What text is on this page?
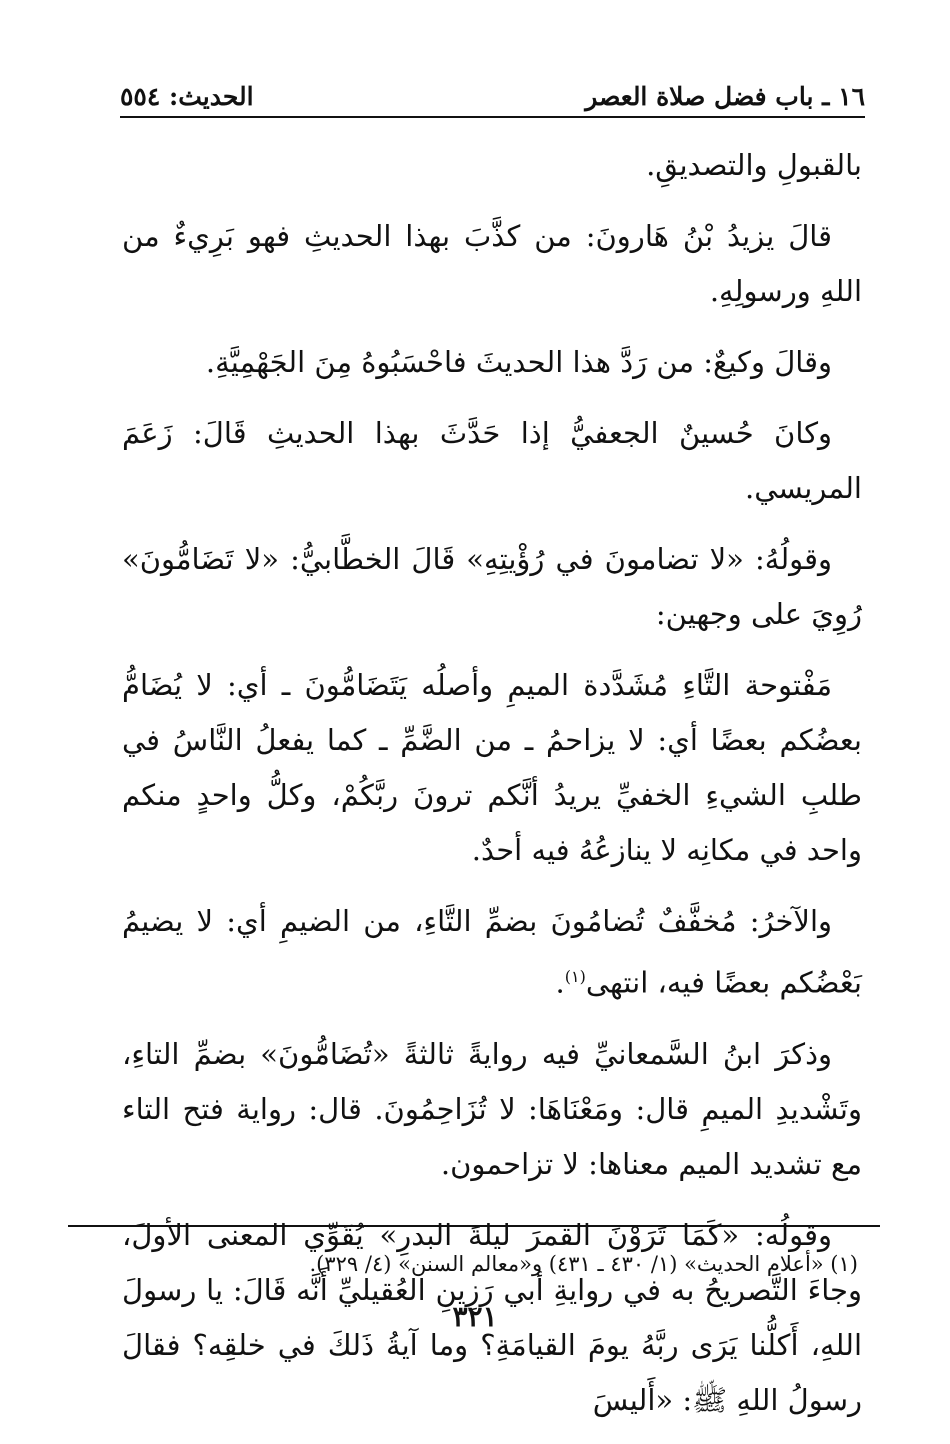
١٦ ـ باب فضل صلاة العصر
الحديث: ٥٥٤

بالقبولِ والتصديقِ.

قالَ يزيدُ بْنُ هَارونَ: من كذَّبَ بهذا الحديثِ فهو بَرِيءٌ من اللهِ ورسولِهِ.

وقالَ وكيعٌ: من رَدَّ هذا الحديثَ فاحْسَبُوهُ مِنَ الجَهْمِيَّةِ.

وكانَ حُسينٌ الجعفيُّ إذا حَدَّثَ بهذا الحديثِ قَالَ: زَعَمَ المريسي.

وقولُهُ: «لا تضامونَ في رُؤْيتِهِ» قَالَ الخطَّابيُّ: «لا تَضَامُّونَ» رُوِيَ على وجهين:

مَفْتوحة التَّاءِ مُشَدَّدة الميمِ وأصلُه يَتَضَامُّونَ ـ أي: لا يُضَامُّ بعضُكم بعضًا أي: لا يزاحمُ ـ من الضَّمِّ ـ كما يفعلُ النَّاسُ في طلبِ الشيءِ الخفيِّ يريدُ أنَّكم ترونَ ربَّكُمْ، وكلُّ واحدٍ منكم واحد في مكانِه لا ينازعُهُ فيه أحدٌ.

والآخرُ: مُخفَّفٌ تُضامُونَ بضمِّ التَّاءِ، من الضيمِ أي: لا يضيمُ بَعْضُكم بعضًا فيه، انتهى$^{(١)}$.

وذكرَ ابنُ السَّمعانيِّ فيه روايةً ثالثةً «تُضَامُّونَ» بضمِّ التاءِ، وتَشْديدِ الميمِ قال: ومَعْنَاهَا: لا تُزَاحِمُونَ. قال: رواية فتح التاء مع تشديد الميم معناها: لا تزاحمون.

وقولُه: «كَمَا تَرَوْنَ القمرَ ليلةَ البدرِ» يُقَوِّي المعنى الأولَ، وجاءَ التَّصريحُ به في روايةِ أبي رَزِينِ العُقيليِّ أَنَّه قَالَ: يا رسولَ اللهِ، أَكلُّنا يَرَى ربَّهُ يومَ القيامَةِ؟ وما آيةُ ذَلكَ في خلقِه؟ فقالَ رسولُ اللهِ ﷺ: «أَليسَ

(١) «أعلام الحديث» (١/ ٤٣٠ ـ ٤٣١) و«معالم السنن» (٤/ ٣٢٩).
٣٢١
